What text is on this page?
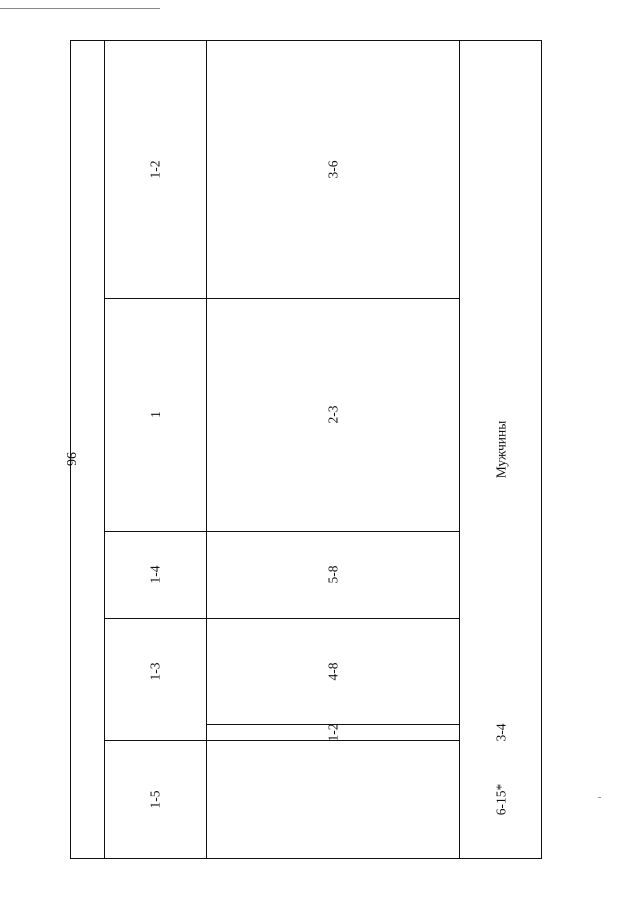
96
1-2
1
1-4
1-3
1-2
1-5
3-6
2-3
5-8
4-8
3-4
6-15*
Мужчины
